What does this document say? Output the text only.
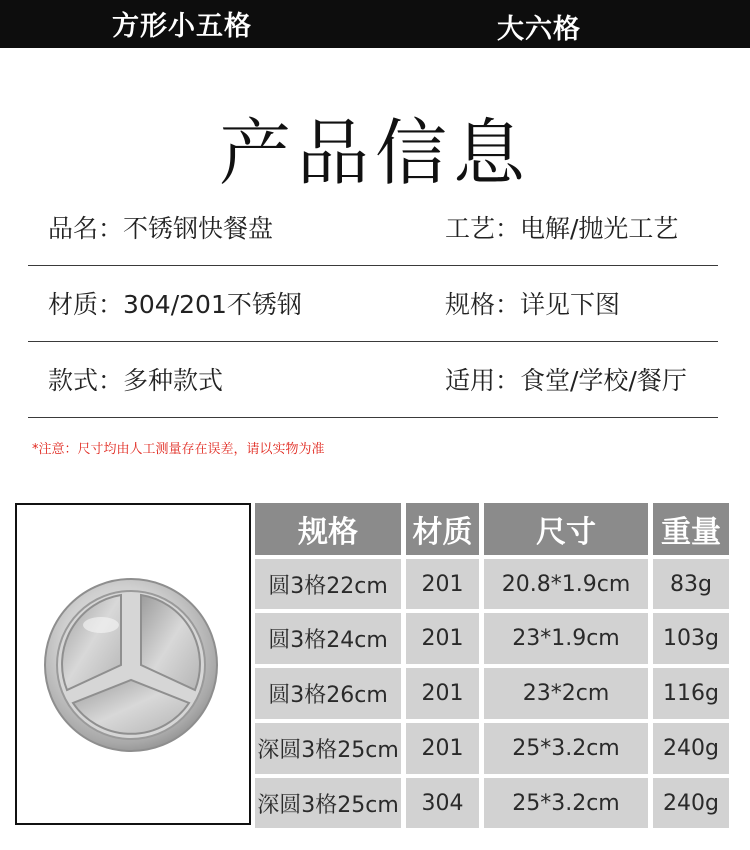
方形小五格	大六格
产品信息
品名：不锈钢快餐盘	工艺：电解/抛光工艺
材质：304/201不锈钢	规格：详见下图
款式：多种款式	适用：食堂/学校/餐厅
*注意：尺寸均由人工测量存在误差，请以实物为准
规格	材质	尺寸	重量
圆3格22cm	201	20.8*1.9cm	83g
圆3格24cm	201	23*1.9cm	103g
圆3格26cm	201	23*2cm	116g
深圆3格25cm	201	25*3.2cm	240g
深圆3格25cm	304	25*3.2cm	240g
